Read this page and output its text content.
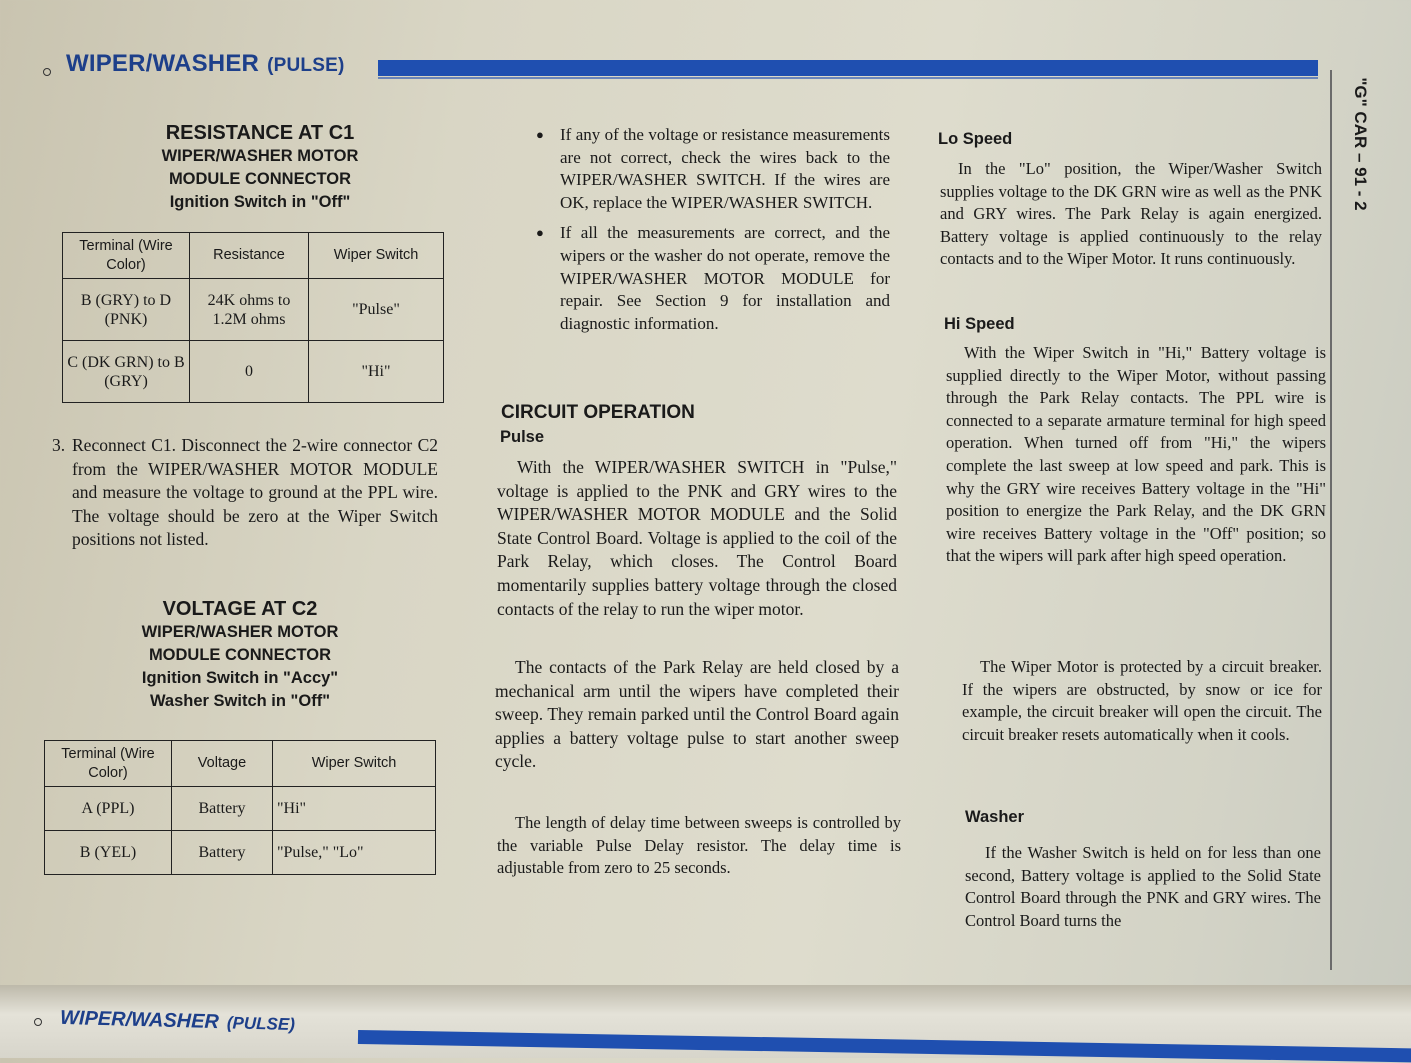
WIPER/WASHER (PULSE)
"G" CAR – 91 - 2
RESISTANCE AT C1
WIPER/WASHER MOTOR
MODULE CONNECTOR
Ignition Switch in "Off"
Terminal (Wire Color)	Resistance	Wiper Switch
B (GRY) to D (PNK)	24K ohms to 1.2M ohms	"Pulse"
C (DK GRN) to B (GRY)	0	"Hi"
3. Reconnect C1. Disconnect the 2-wire connector C2 from the WIPER/WASHER MOTOR MODULE and measure the voltage to ground at the PPL wire. The voltage should be zero at the Wiper Switch positions not listed.
VOLTAGE AT C2
WIPER/WASHER MOTOR
MODULE CONNECTOR
Ignition Switch in "Accy"
Washer Switch in "Off"
Terminal (Wire Color)	Voltage	Wiper Switch
A (PPL)	Battery	"Hi"
B (YEL)	Battery	"Pulse," "Lo"
● If any of the voltage or resistance measurements are not correct, check the wires back to the WIPER/WASHER SWITCH. If the wires are OK, replace the WIPER/WASHER SWITCH.
● If all the measurements are correct, and the wipers or the washer do not operate, remove the WIPER/WASHER MOTOR MODULE for repair. See Section 9 for installation and diagnostic information.
CIRCUIT OPERATION
Pulse
With the WIPER/WASHER SWITCH in "Pulse," voltage is applied to the PNK and GRY wires to the WIPER/WASHER MOTOR MODULE and the Solid State Control Board. Voltage is applied to the coil of the Park Relay, which closes. The Control Board momentarily supplies battery voltage through the closed contacts of the relay to run the wiper motor.
The contacts of the Park Relay are held closed by a mechanical arm until the wipers have completed their sweep. They remain parked until the Control Board again applies a battery voltage pulse to start another sweep cycle.
The length of delay time between sweeps is controlled by the variable Pulse Delay resistor. The delay time is adjustable from zero to 25 seconds.
Lo Speed
In the "Lo" position, the Wiper/Washer Switch supplies voltage to the DK GRN wire as well as the PNK and GRY wires. The Park Relay is again energized. Battery voltage is applied continuously to the relay contacts and to the Wiper Motor. It runs continuously.
Hi Speed
With the Wiper Switch in "Hi," Battery voltage is supplied directly to the Wiper Motor, without passing through the Park Relay contacts. The PPL wire is connected to a separate armature terminal for high speed operation. When turned off from "Hi," the wipers complete the last sweep at low speed and park. This is why the GRY wire receives Battery voltage in the "Hi" position to energize the Park Relay, and the DK GRN wire receives Battery voltage in the "Off" position; so that the wipers will park after high speed operation.
The Wiper Motor is protected by a circuit breaker. If the wipers are obstructed, by snow or ice for example, the circuit breaker will open the circuit. The circuit breaker resets automatically when it cools.
Washer
If the Washer Switch is held on for less than one second, Battery voltage is applied to the Solid State Control Board through the PNK and GRY wires. The Control Board turns the
WIPER/WASHER (PULSE)
